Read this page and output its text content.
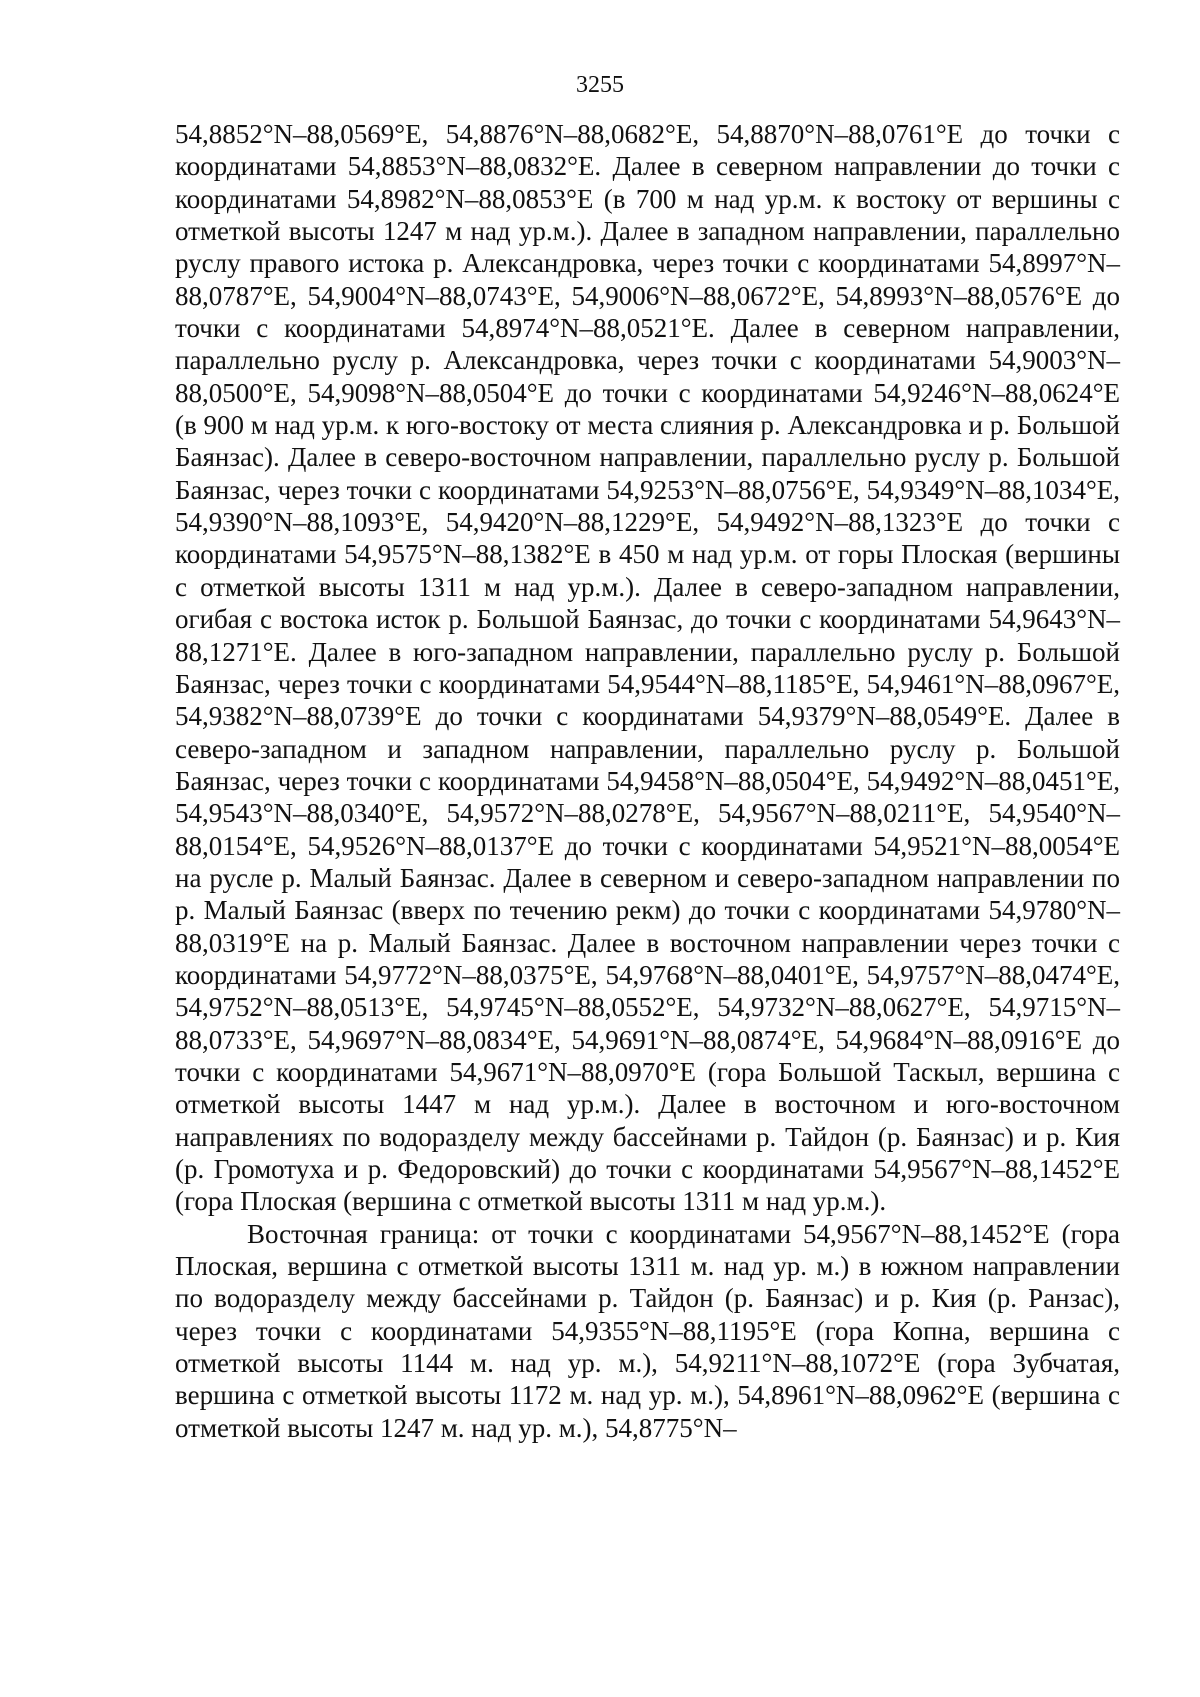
3255

54,8852°N–88,0569°E, 54,8876°N–88,0682°E, 54,8870°N–88,0761°E до точки с координатами 54,8853°N–88,0832°E. Далее в северном направлении до точки с координатами 54,8982°N–88,0853°E (в 700 м над ур.м. к востоку от вершины с отметкой высоты 1247 м над ур.м.). Далее в западном направлении, параллельно руслу правого истока р. Александровка, через точки с координатами 54,8997°N–88,0787°E, 54,9004°N–88,0743°E, 54,9006°N–88,0672°E, 54,8993°N–88,0576°E до точки с координатами 54,8974°N–88,0521°E. Далее в северном направлении, параллельно руслу р. Александровка, через точки с координатами 54,9003°N–88,0500°E, 54,9098°N–88,0504°E до точки с координатами 54,9246°N–88,0624°E (в 900 м над ур.м. к юго-востоку от места слияния р. Александровка и р. Большой Баянзас). Далее в северо-восточном направлении, параллельно руслу р. Большой Баянзас, через точки с координатами 54,9253°N–88,0756°E, 54,9349°N–88,1034°E, 54,9390°N–88,1093°E, 54,9420°N–88,1229°E, 54,9492°N–88,1323°E до точки с координатами 54,9575°N–88,1382°E в 450 м над ур.м. от горы Плоская (вершины с отметкой высоты 1311 м над ур.м.). Далее в северо-западном направлении, огибая с востока исток р. Большой Баянзас, до точки с координатами 54,9643°N–88,1271°E. Далее в юго-западном направлении, параллельно руслу р. Большой Баянзас, через точки с координатами 54,9544°N–88,1185°E, 54,9461°N–88,0967°E, 54,9382°N–88,0739°E до точки с координатами 54,9379°N–88,0549°E. Далее в северо-западном и западном направлении, параллельно руслу р. Большой Баянзас, через точки с координатами 54,9458°N–88,0504°E, 54,9492°N–88,0451°E, 54,9543°N–88,0340°E, 54,9572°N–88,0278°E, 54,9567°N–88,0211°E, 54,9540°N–88,0154°E, 54,9526°N–88,0137°E до точки с координатами 54,9521°N–88,0054°E на русле р. Малый Баянзас. Далее в северном и северо-западном направлении по р. Малый Баянзас (вверх по течению рекм) до точки с координатами 54,9780°N–88,0319°E на р. Малый Баянзас. Далее в восточном направлении через точки с координатами 54,9772°N–88,0375°E, 54,9768°N–88,0401°E, 54,9757°N–88,0474°E, 54,9752°N–88,0513°E, 54,9745°N–88,0552°E, 54,9732°N–88,0627°E, 54,9715°N–88,0733°E, 54,9697°N–88,0834°E, 54,9691°N–88,0874°E, 54,9684°N–88,0916°E до точки с координатами 54,9671°N–88,0970°E (гора Большой Таскыл, вершина с отметкой высоты 1447 м над ур.м.). Далее в восточном и юго-восточном направлениях по водоразделу между бассейнами р. Тайдон (р. Баянзас) и р. Кия (р. Громотуха и р. Федоровский) до точки с координатами 54,9567°N–88,1452°E (гора Плоская (вершина с отметкой высоты 1311 м над ур.м.).

Восточная граница: от точки с координатами 54,9567°N–88,1452°E (гора Плоская, вершина с отметкой высоты 1311 м. над ур. м.) в южном направлении по водоразделу между бассейнами р. Тайдон (р. Баянзас) и р. Кия (р. Ранзас), через точки с координатами 54,9355°N–88,1195°E (гора Копна, вершина с отметкой высоты 1144 м. над ур. м.), 54,9211°N–88,1072°E (гора Зубчатая, вершина с отметкой высоты 1172 м. над ур. м.), 54,8961°N–88,0962°E (вершина с отметкой высоты 1247 м. над ур. м.), 54,8775°N–
